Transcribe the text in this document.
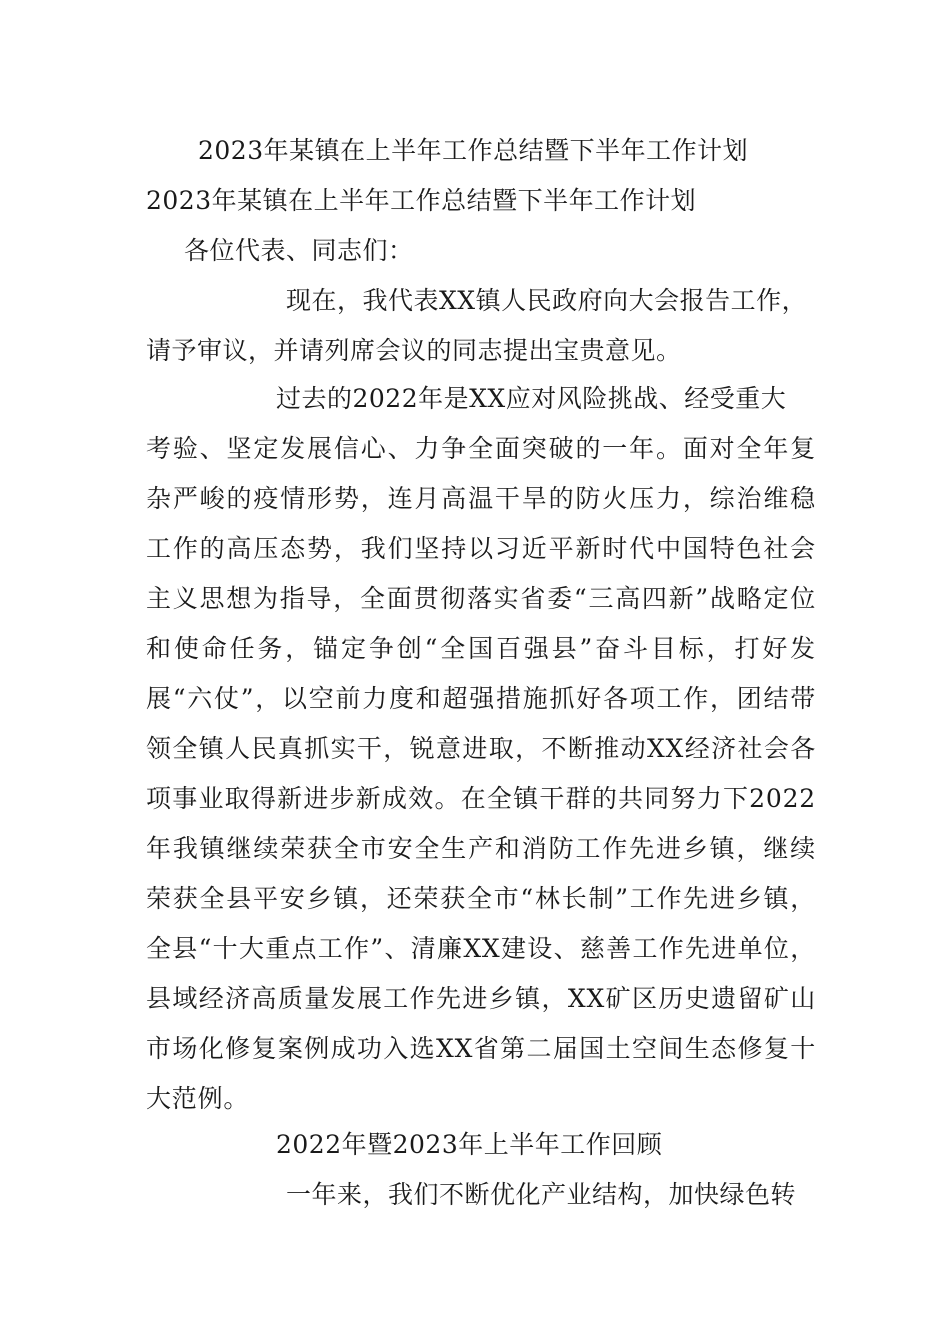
2023年某镇在上半年工作总结暨下半年工作计划
2023年某镇在上半年工作总结暨下半年工作计划
各位代表、同志们：
现在，我代表XX镇人民政府向大会报告工作，
请予审议，并请列席会议的同志提出宝贵意见。
过去的2022年是XX应对风险挑战、经受重大
考验、坚定发展信心、力争全面突破的一年。面对全年复杂严峻的疫情形势，连月高温干旱的防火压力，综治维稳工作的高压态势，我们坚持以习近平新时代中国特色社会主义思想为指导，全面贯彻落实省委“三高四新”战略定位和使命任务，锚定争创“全国百强县”奋斗目标，打好发展“六仗”，以空前力度和超强措施抓好各项工作，团结带领全镇人民真抓实干，锐意进取，不断推动XX经济社会各项事业取得新进步新成效。在全镇干群的共同努力下2022年我镇继续荣获全市安全生产和消防工作先进乡镇，继续荣获全县平安乡镇，还荣获全市“林长制”工作先进乡镇，全县“十大重点工作”、清廉XX建设、慈善工作先进单位，县域经济高质量发展工作先进乡镇，XX矿区历史遗留矿山市场化修复案例成功入选XX省第二届国土空间生态修复十大范例。
2022年暨2023年上半年工作回顾
一年来，我们不断优化产业结构，加快绿色转
